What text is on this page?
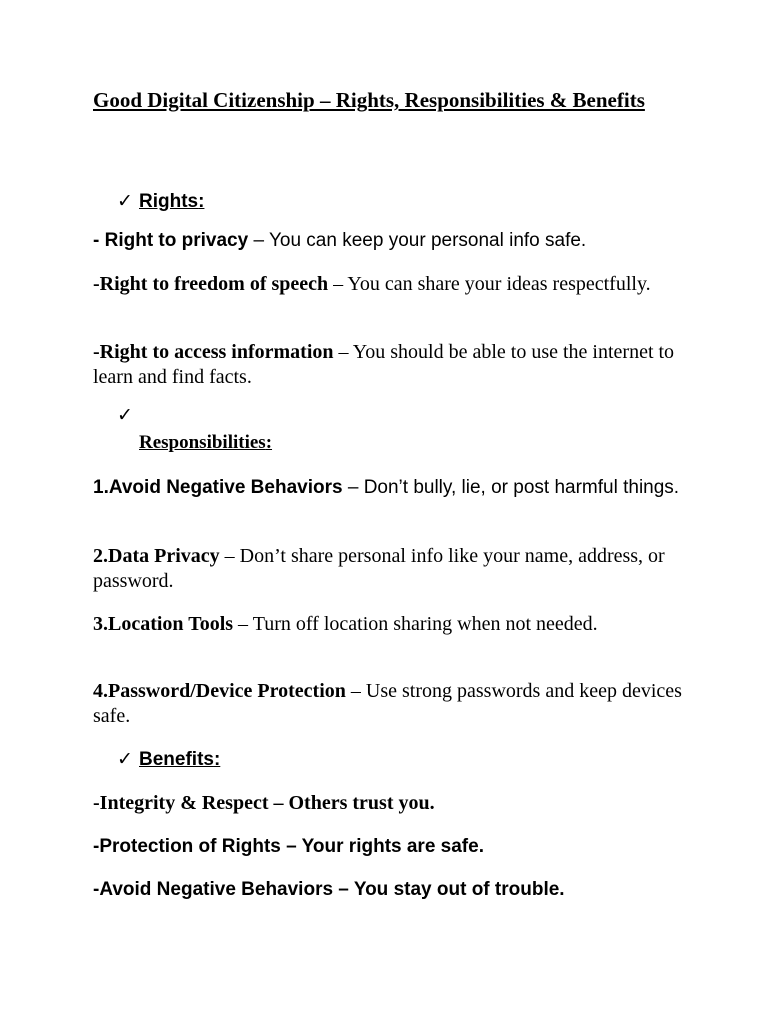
Good Digital Citizenship – Rights, Responsibilities & Benefits
✓ Rights:
- Right to privacy – You can keep your personal info safe.
-Right to freedom of speech – You can share your ideas respectfully.
-Right to access information – You should be able to use the internet to learn and find facts.
✓
Responsibilities:
1.Avoid Negative Behaviors – Don’t bully, lie, or post harmful things.
2.Data Privacy – Don’t share personal info like your name, address, or password.
3.Location Tools – Turn off location sharing when not needed.
4.Password/Device Protection – Use strong passwords and keep devices safe.
✓ Benefits:
-Integrity & Respect – Others trust you.
-Protection of Rights – Your rights are safe.
-Avoid Negative Behaviors – You stay out of trouble.
